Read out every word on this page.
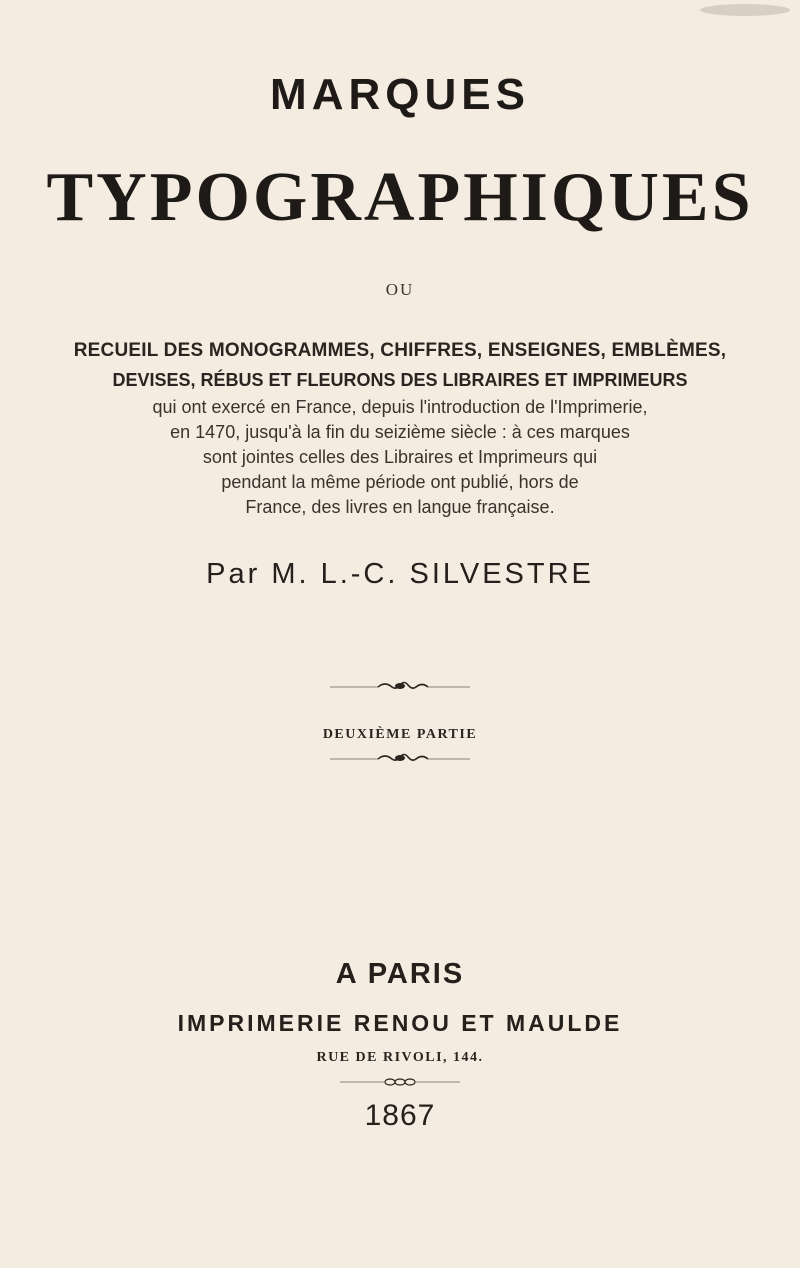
MARQUES
TYPOGRAPHIQUES
OU
RECUEIL DES MONOGRAMMES, CHIFFRES, ENSEIGNES, EMBLÈMES,
DEVISES, RÉBUS ET FLEURONS DES LIBRAIRES ET IMPRIMEURS
qui ont exercé en France, depuis l'introduction de l'Imprimerie,
en 1470, jusqu'à la fin du seizième siècle : à ces marques
sont jointes celles des Libraires et Imprimeurs qui
pendant la même période ont publié, hors de
France, des livres en langue française.
Par M. L.-C. SILVESTRE
DEUXIÈME PARTIE
A PARIS
IMPRIMERIE RENOU ET MAULDE
RUE DE RIVOLI, 144.
1867
